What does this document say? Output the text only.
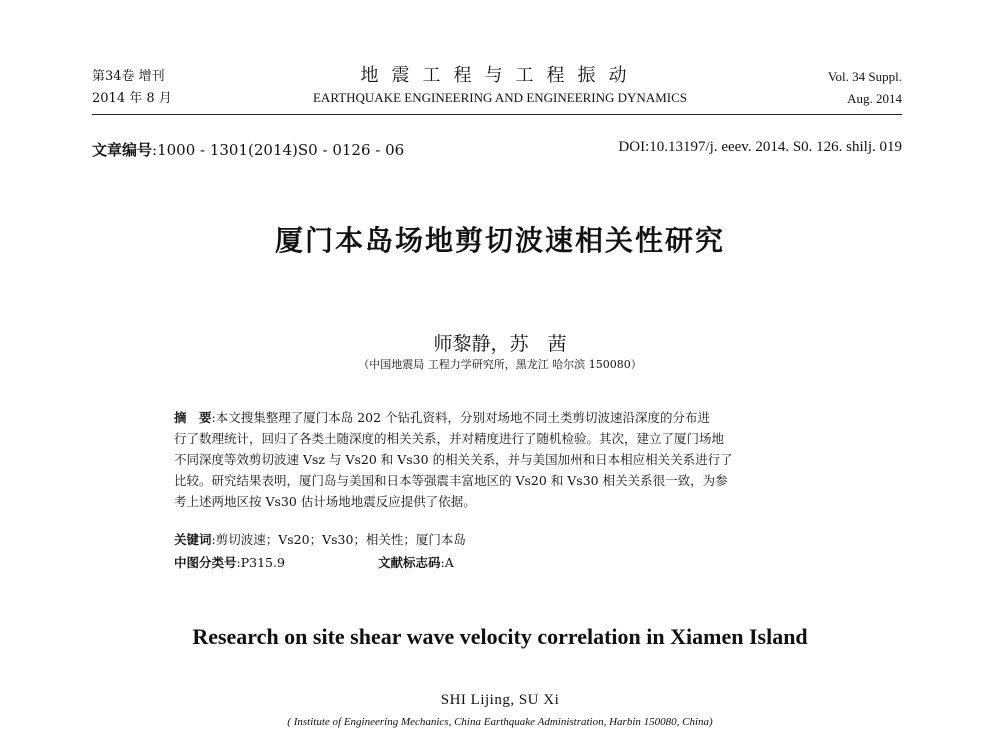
第34卷 增刊
2014 年 8 月
地震工程与工程振动
EARTHQUAKE ENGINEERING AND ENGINEERING DYNAMICS
Vol. 34 Suppl.
Aug. 2014
文章编号:1000 - 1301(2014)S0 - 0126 - 06	DOI:10.13197/j. eeev. 2014. S0. 126. shilj. 019
厦门本岛场地剪切波速相关性研究
师黎静，苏　茜
（中国地震局 工程力学研究所，黑龙江 哈尔滨 150080）
摘　要:本文搜集整理了厦门本岛 202 个钻孔资料，分别对场地不同土类剪切波速沿深度的分布进
行了数理统计，回归了各类土随深度的相关关系，并对精度进行了随机检验。其次，建立了厦门场地
不同深度等效剪切波速 Vsz 与 Vs20 和 Vs30 的相关关系，并与美国加州和日本相应相关关系进行了
比较。研究结果表明，厦门岛与美国和日本等强震丰富地区的 Vs20 和 Vs30 相关关系很一致，为参
考上述两地区按 Vs30 估计场地地震反应提供了依据。
关键词:剪切波速；Vs20；Vs30；相关性；厦门本岛
中图分类号:P315.9	文献标志码:A
Research on site shear wave velocity correlation in Xiamen Island
SHI Lijing, SU Xi
( Institute of Engineering Mechanics, China Earthquake Administration, Harbin 150080, China)
